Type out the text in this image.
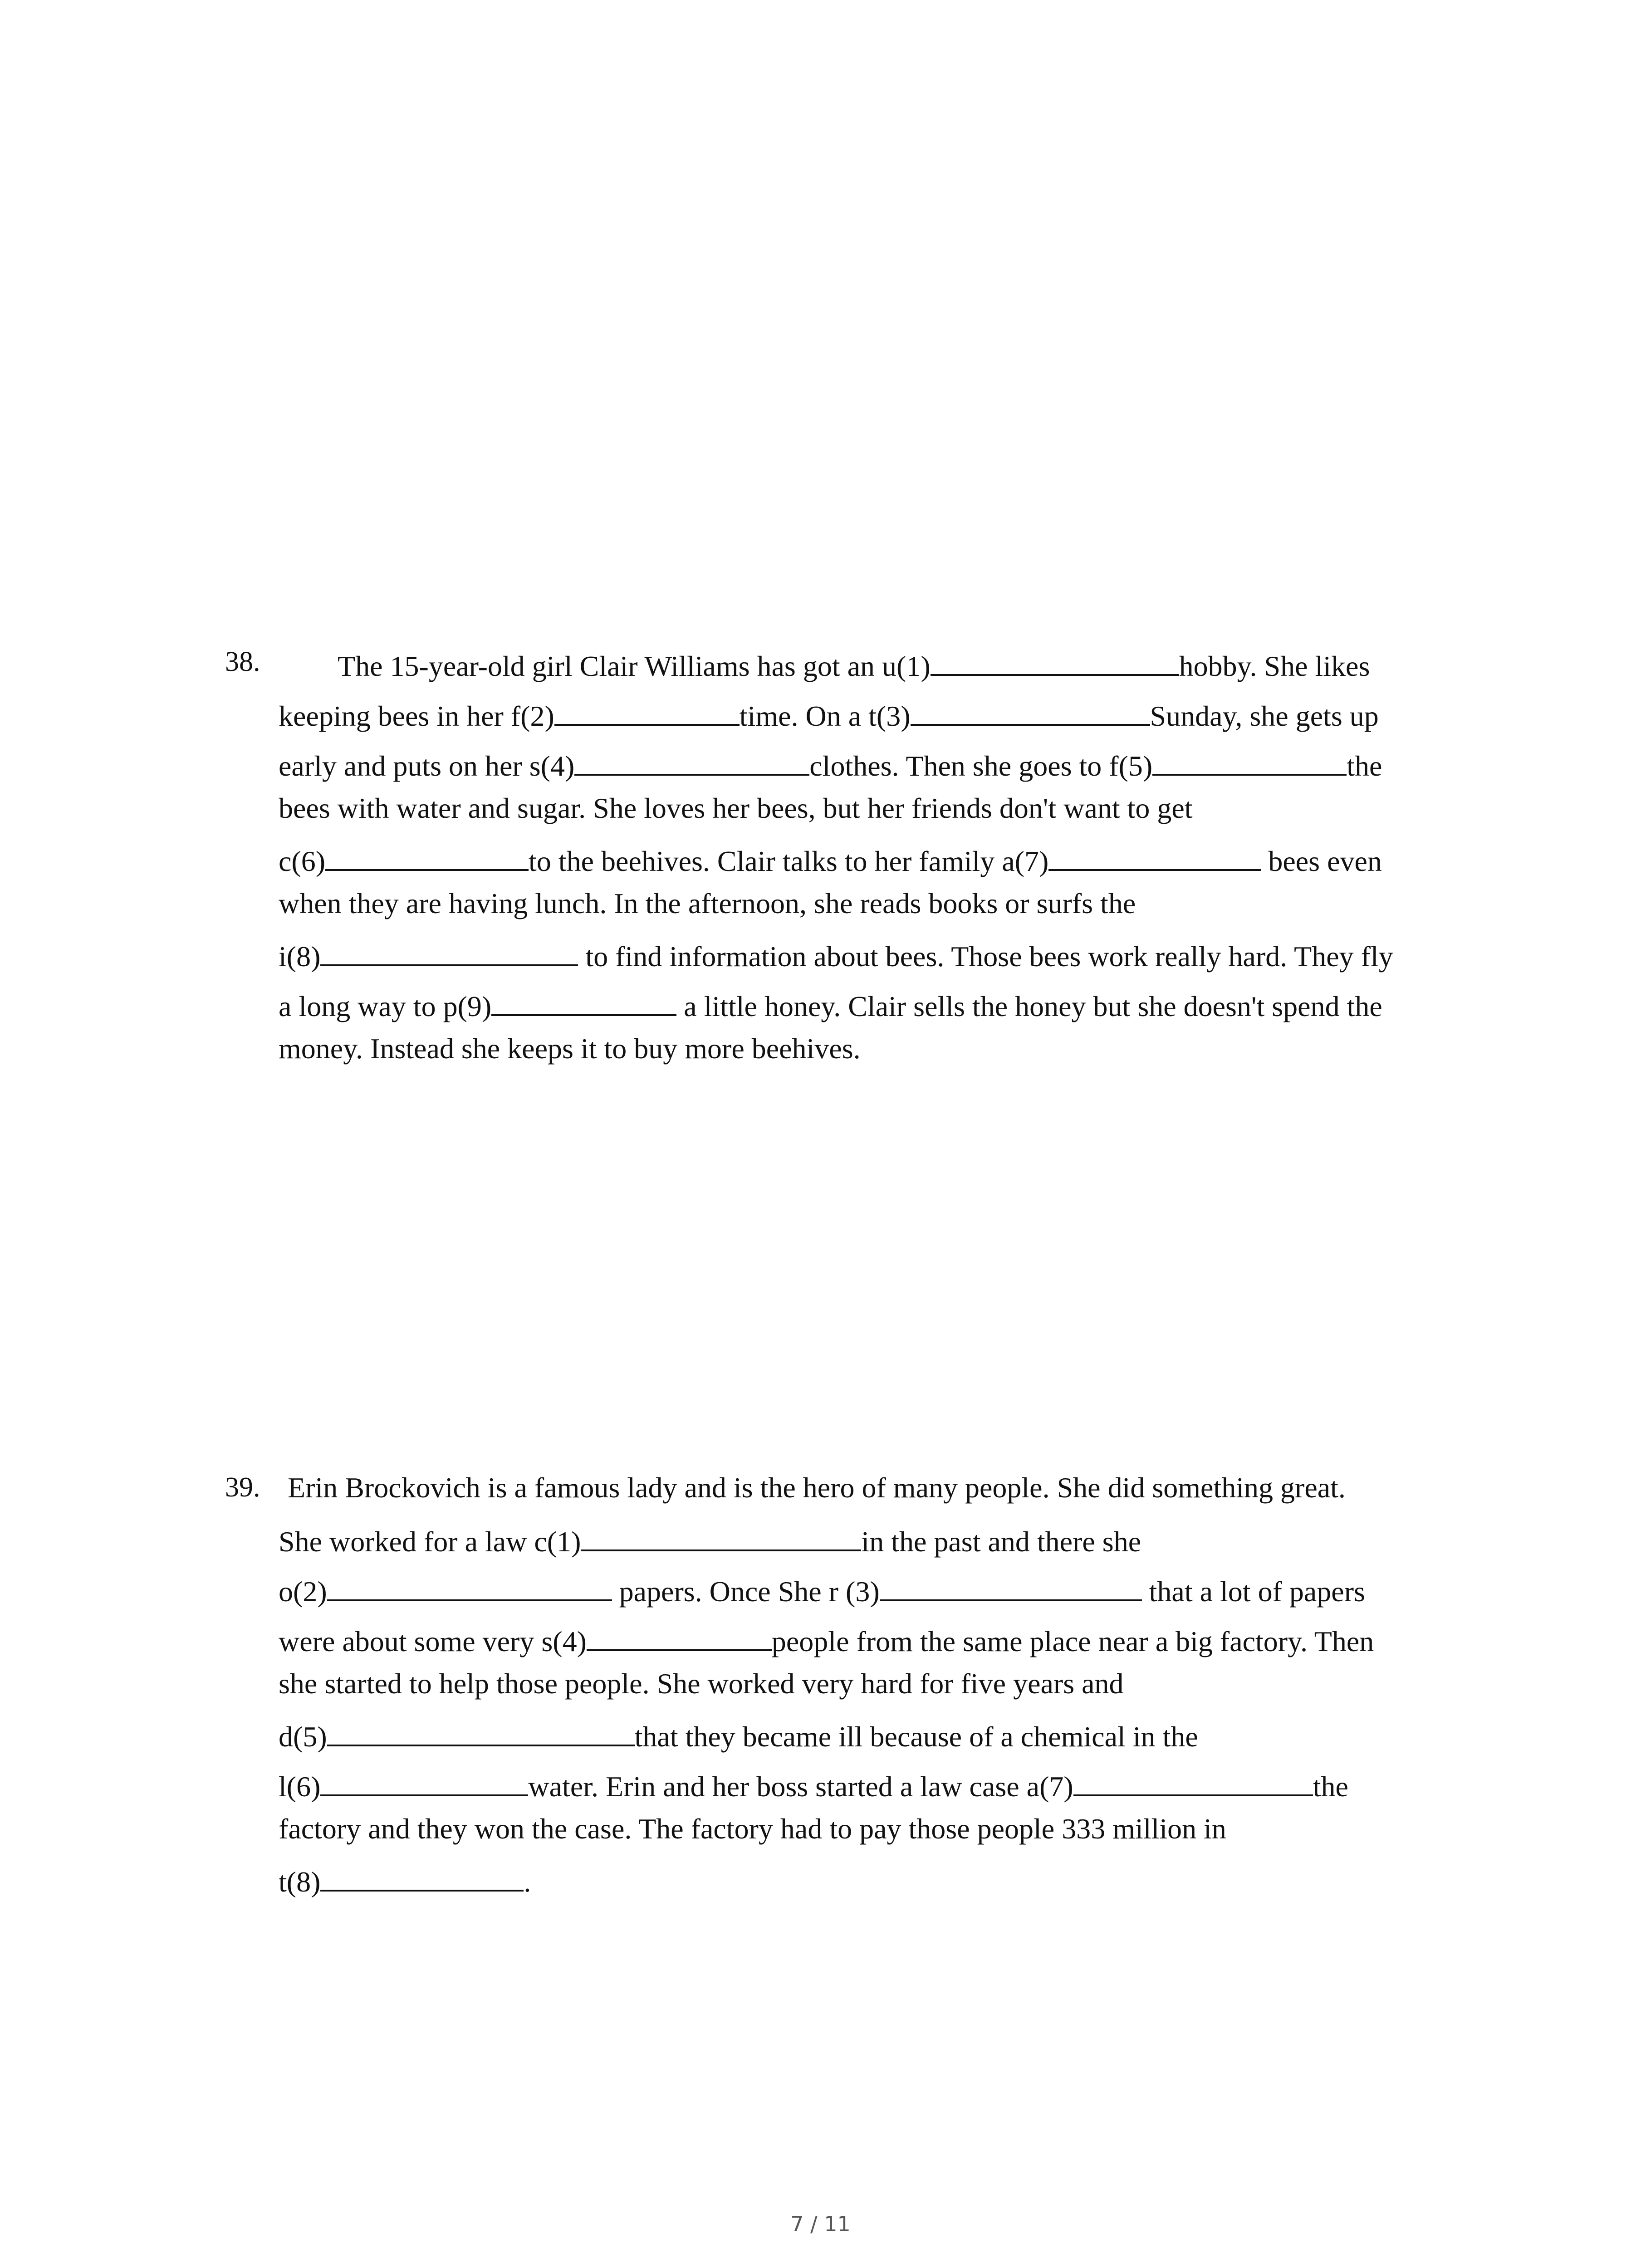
38.	The 15-year-old girl Clair Williams has got an u(1)	hobby. She likes
keeping bees in her f(2)	time. On a t(3)	Sunday, she gets up
early and puts on her s(4)	clothes. Then she goes to f(5)	the
bees with water and sugar. She loves her bees, but her friends don't want to get
c(6)	to the beehives. Clair talks to her family a(7)	bees even
when they are having lunch. In the afternoon, she reads books or surfs the
i(8)	to find information about bees. Those bees work really hard. They fly
a long way to p(9)	a little honey. Clair sells the honey but she doesn't spend the
money. Instead she keeps it to buy more beehives.
39. Erin Brockovich is a famous lady and is the hero of many people. She did something great.
She worked for a law c(1)	in the past and there she
o(2)	papers. Once She r (3)	that a lot of papers
were about some very s(4)	people from the same place near a big factory. Then
she started to help those people. She worked very hard for five years and
d(5)	that they became ill because of a chemical in the
l(6)	water. Erin and her boss started a law case a(7)	the
factory and they won the case. The factory had to pay those people 333 million in
t(8)	.
7 / 11
